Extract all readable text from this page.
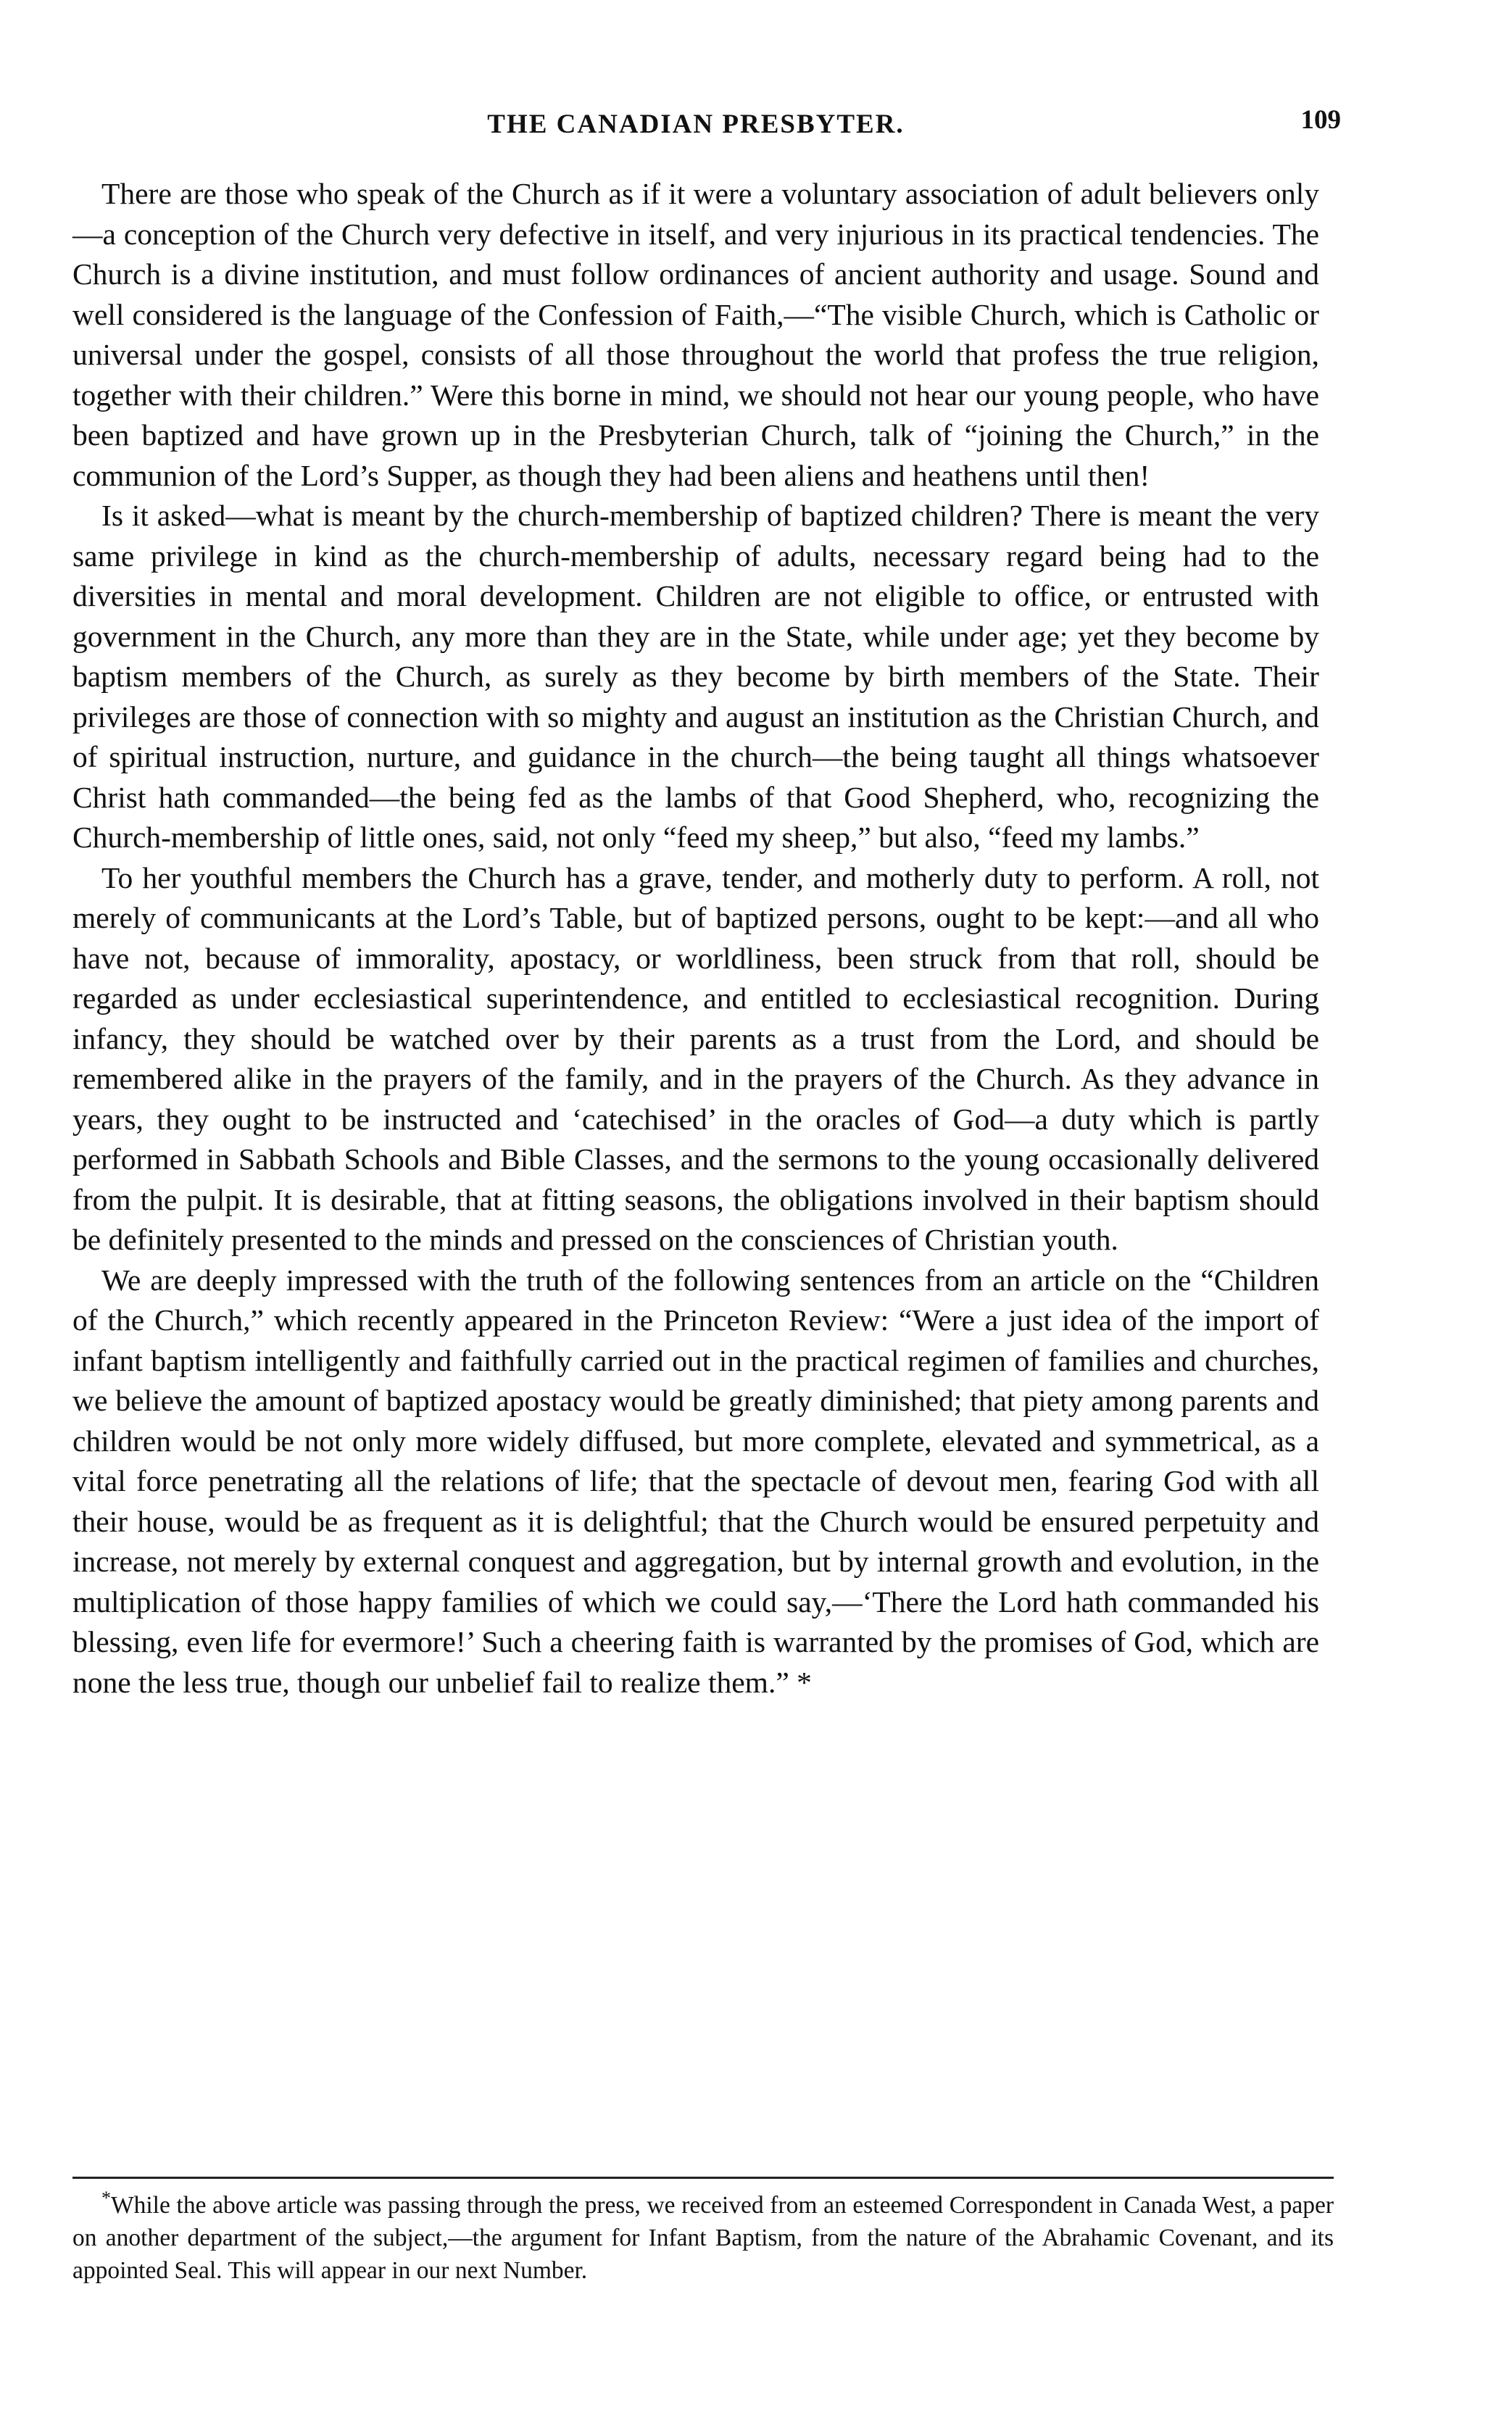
THE CANADIAN PRESBYTER.	109

There are those who speak of the Church as if it were a voluntary association of adult believers only—a conception of the Church very defective in itself, and very injurious in its practical tendencies. The Church is a divine institution, and must follow ordinances of ancient authority and usage. Sound and well considered is the language of the Confession of Faith,—“The visible Church, which is Catholic or universal under the gospel, consists of all those throughout the world that profess the true religion, together with their children.” Were this borne in mind, we should not hear our young people, who have been baptized and have grown up in the Presbyterian Church, talk of “joining the Church,” in the communion of the Lord’s Supper, as though they had been aliens and heathens until then!

Is it asked—what is meant by the church-membership of baptized children? There is meant the very same privilege in kind as the church-membership of adults, necessary regard being had to the diversities in mental and moral development. Children are not eligible to office, or entrusted with government in the Church, any more than they are in the State, while under age; yet they become by baptism members of the Church, as surely as they become by birth members of the State. Their privileges are those of connection with so mighty and august an institution as the Christian Church, and of spiritual instruction, nurture, and guidance in the church—the being taught all things whatsoever Christ hath commanded—the being fed as the lambs of that Good Shepherd, who, recognizing the Church-membership of little ones, said, not only “feed my sheep,” but also, “feed my lambs.”

To her youthful members the Church has a grave, tender, and motherly duty to perform. A roll, not merely of communicants at the Lord’s Table, but of baptized persons, ought to be kept:—and all who have not, because of immorality, apostacy, or worldliness, been struck from that roll, should be regarded as under ecclesiastical superintendence, and entitled to ecclesiastical recognition. During infancy, they should be watched over by their parents as a trust from the Lord, and should be remembered alike in the prayers of the family, and in the prayers of the Church. As they advance in years, they ought to be instructed and ‘catechised’ in the oracles of God—a duty which is partly performed in Sabbath Schools and Bible Classes, and the sermons to the young occasionally delivered from the pulpit. It is desirable, that at fitting seasons, the obligations involved in their baptism should be definitely presented to the minds and pressed on the consciences of Christian youth.

We are deeply impressed with the truth of the following sentences from an article on the “Children of the Church,” which recently appeared in the Princeton Review: “Were a just idea of the import of infant baptism intelligently and faithfully carried out in the practical regimen of families and churches, we believe the amount of baptized apostacy would be greatly diminished; that piety among parents and children would be not only more widely diffused, but more complete, elevated and symmetrical, as a vital force penetrating all the relations of life; that the spectacle of devout men, fearing God with all their house, would be as frequent as it is delightful; that the Church would be ensured perpetuity and increase, not merely by external conquest and aggregation, but by internal growth and evolution, in the multiplication of those happy families of which we could say,—‘There the Lord hath commanded his blessing, even life for evermore!’ Such a cheering faith is warranted by the promises of God, which are none the less true, though our unbelief fail to realize them.” *

*While the above article was passing through the press, we received from an esteemed Correspondent in Canada West, a paper on another department of the subject,—the argument for Infant Baptism, from the nature of the Abrahamic Covenant, and its appointed Seal. This will appear in our next Number.
